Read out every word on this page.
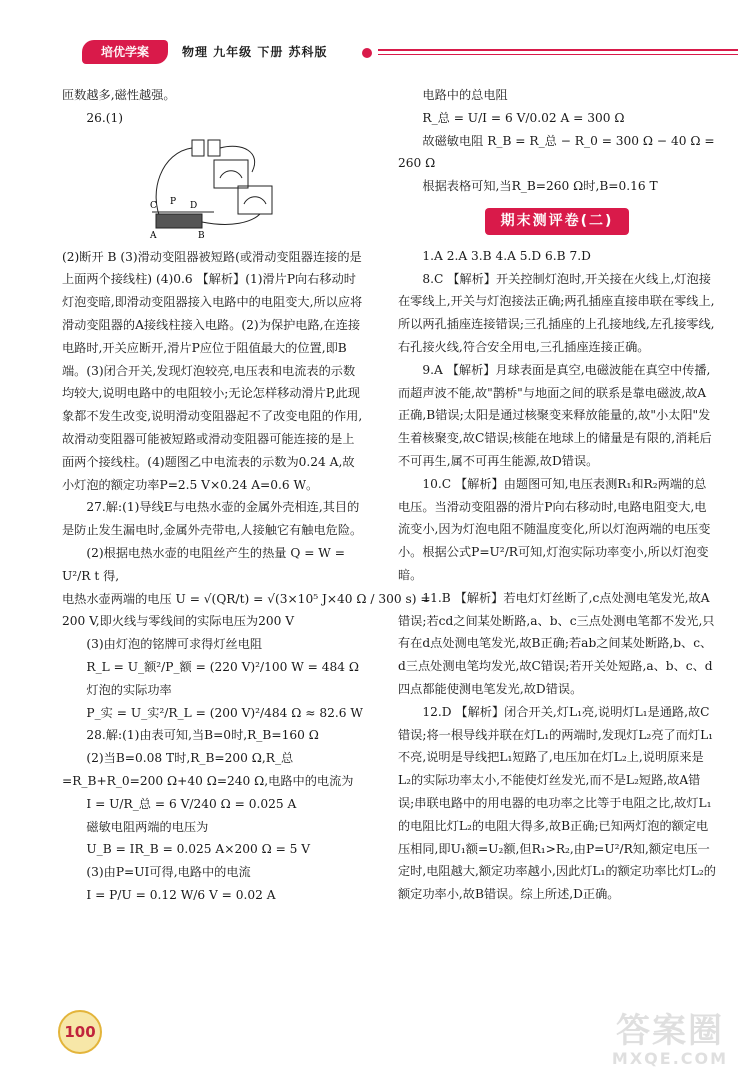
培优学案	物理 九年级 下册 苏科版

匝数越多,磁性越强。

26.(1)

C P D
A	B

(2)断开 B (3)滑动变阻器被短路(或滑动变阻器连接的是上面两个接线柱) (4)0.6 【解析】(1)滑片P向右移动时灯泡变暗,即滑动变阻器接入电路中的电阻变大,所以应将滑动变阻器的A接线柱接入电路。(2)为保护电路,在连接电路时,开关应断开,滑片P应位于阻值最大的位置,即B端。(3)闭合开关,发现灯泡较亮,电压表和电流表的示数均较大,说明电路中的电阻较小;无论怎样移动滑片P,此现象都不发生改变,说明滑动变阻器起不了改变电阻的作用,故滑动变阻器可能被短路或滑动变阻器可能连接的是上面两个接线柱。(4)题图乙中电流表的示数为0.24 A,故小灯泡的额定功率P=2.5 V×0.24 A=0.6 W。

27.解:(1)导线E与电热水壶的金属外壳相连,其目的是防止发生漏电时,金属外壳带电,人接触它有触电危险。

(2)根据电热水壶的电阻丝产生的热量 Q = W = U²/R t 得,

电热水壶两端的电压 U = √(QR/t) = √(3×10⁵ J×40 Ω / 300 s) =

200 V,即火线与零线间的实际电压为200 V

(3)由灯泡的铭牌可求得灯丝电阻

R_L = U_额²/P_额 = (220 V)²/100 W = 484 Ω

灯泡的实际功率

P_实 = U_实²/R_L = (200 V)²/484 Ω ≈ 82.6 W

28.解:(1)由表可知,当B=0时,R_B=160 Ω

(2)当B=0.08 T时,R_B=200 Ω,R_总=R_B+R_0=200 Ω+40 Ω=240 Ω,电路中的电流为

I = U/R_总 = 6 V/240 Ω = 0.025 A

磁敏电阻两端的电压为

U_B = IR_B = 0.025 A×200 Ω = 5 V

(3)由P=UI可得,电路中的电流

I = P/U = 0.12 W/6 V = 0.02 A

电路中的总电阻

R_总 = U/I = 6 V/0.02 A = 300 Ω

故磁敏电阻 R_B = R_总 − R_0 = 300 Ω − 40 Ω = 260 Ω

根据表格可知,当R_B=260 Ω时,B=0.16 T

期末测评卷(二)

1.A 2.A 3.B 4.A 5.D 6.B 7.D

8.C 【解析】开关控制灯泡时,开关接在火线上,灯泡接在零线上,开关与灯泡接法正确;两孔插座直接串联在零线上,所以两孔插座连接错误;三孔插座的上孔接地线,左孔接零线,右孔接火线,符合安全用电,三孔插座连接正确。

9.A 【解析】月球表面是真空,电磁波能在真空中传播,而超声波不能,故"鹊桥"与地面之间的联系是靠电磁波,故A正确,B错误;太阳是通过核聚变来释放能量的,故"小太阳"发生着核聚变,故C错误;核能在地球上的储量是有限的,消耗后不可再生,属不可再生能源,故D错误。

10.C 【解析】由题图可知,电压表测R₁和R₂两端的总电压。当滑动变阻器的滑片P向右移动时,电路电阻变大,电流变小,因为灯泡电阻不随温度变化,所以灯泡两端的电压变小。根据公式P=U²/R可知,灯泡实际功率变小,所以灯泡变暗。

11.B 【解析】若电灯灯丝断了,c点处测电笔发光,故A错误;若cd之间某处断路,a、b、c三点处测电笔都不发光,只有在d点处测电笔发光,故B正确;若ab之间某处断路,b、c、d三点处测电笔均发光,故C错误;若开关处短路,a、b、c、d四点都能使测电笔发光,故D错误。

12.D 【解析】闭合开关,灯L₁亮,说明灯L₁是通路,故C错误;将一根导线并联在灯L₁的两端时,发现灯L₂亮了而灯L₁不亮,说明是导线把L₁短路了,电压加在灯L₂上,说明原来是L₂的实际功率太小,不能使灯丝发光,而不是L₂短路,故A错误;串联电路中的用电器的电功率之比等于电阻之比,故灯L₁的电阻比灯L₂的电阻大得多,故B正确;已知两灯泡的额定电压相同,即U₁额=U₂额,但R₁>R₂,由P=U²/R知,额定电压一定时,电阻越大,额定功率越小,因此灯L₁的额定功率比灯L₂的额定功率小,故B错误。综上所述,D正确。

100	答案圈
MXQE.COM
